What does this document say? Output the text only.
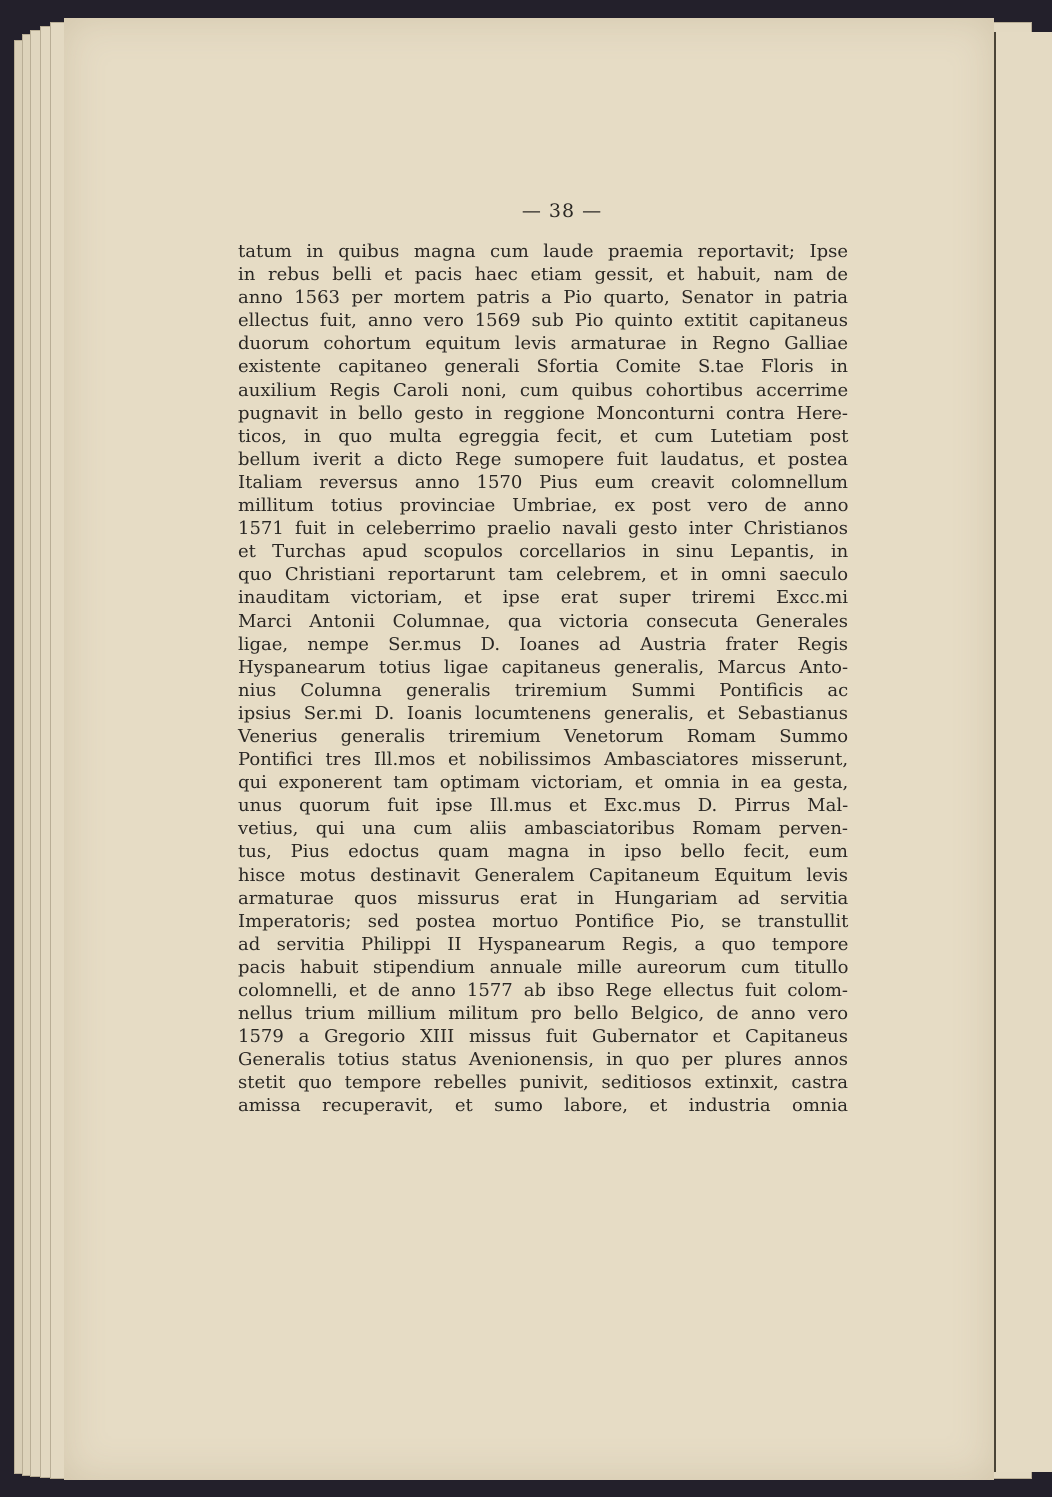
— 38 —
tatum in quibus magna cum laude praemia reportavit; Ipse
in rebus belli et pacis haec etiam gessit, et habuit, nam de
anno 1563 per mortem patris a Pio quarto, Senator in patria
ellectus fuit, anno vero 1569 sub Pio quinto extitit capitaneus
duorum cohortum equitum levis armaturae in Regno Galliae
existente capitaneo generali Sfortia Comite S.tae Floris in
auxilium Regis Caroli noni, cum quibus cohortibus accerrime
pugnavit in bello gesto in reggione Monconturni contra Here-
ticos, in quo multa egreggia fecit, et cum Lutetiam post
bellum iverit a dicto Rege sumopere fuit laudatus, et postea
Italiam reversus anno 1570 Pius eum creavit colomnellum
millitum totius provinciae Umbriae, ex post vero de anno
1571 fuit in celeberrimo praelio navali gesto inter Christianos
et Turchas apud scopulos corcellarios in sinu Lepantis, in
quo Christiani reportarunt tam celebrem, et in omni saeculo
inauditam victoriam, et ipse erat super triremi Excc.mi
Marci Antonii Columnae, qua victoria consecuta Generales
ligae, nempe Ser.mus D. Ioanes ad Austria frater Regis
Hyspanearum totius ligae capitaneus generalis, Marcus Anto-
nius Columna generalis triremium Summi Pontificis ac
ipsius Ser.mi D. Ioanis locumtenens generalis, et Sebastianus
Venerius generalis triremium Venetorum Romam Summo
Pontifici tres Ill.mos et nobilissimos Ambasciatores misserunt,
qui exponerent tam optimam victoriam, et omnia in ea gesta,
unus quorum fuit ipse Ill.mus et Exc.mus D. Pirrus Mal-
vetius, qui una cum aliis ambasciatoribus Romam perven-
tus, Pius edoctus quam magna in ipso bello fecit, eum
hisce motus destinavit Generalem Capitaneum Equitum levis
armaturae quos missurus erat in Hungariam ad servitia
Imperatoris; sed postea mortuo Pontifice Pio, se transtullit
ad servitia Philippi II Hyspanearum Regis, a quo tempore
pacis habuit stipendium annuale mille aureorum cum titullo
colomnelli, et de anno 1577 ab ibso Rege ellectus fuit colom-
nellus trium millium militum pro bello Belgico, de anno vero
1579 a Gregorio XIII missus fuit Gubernator et Capitaneus
Generalis totius status Avenionensis, in quo per plures annos
stetit quo tempore rebelles punivit, seditiosos extinxit, castra
amissa recuperavit, et sumo labore, et industria omnia
